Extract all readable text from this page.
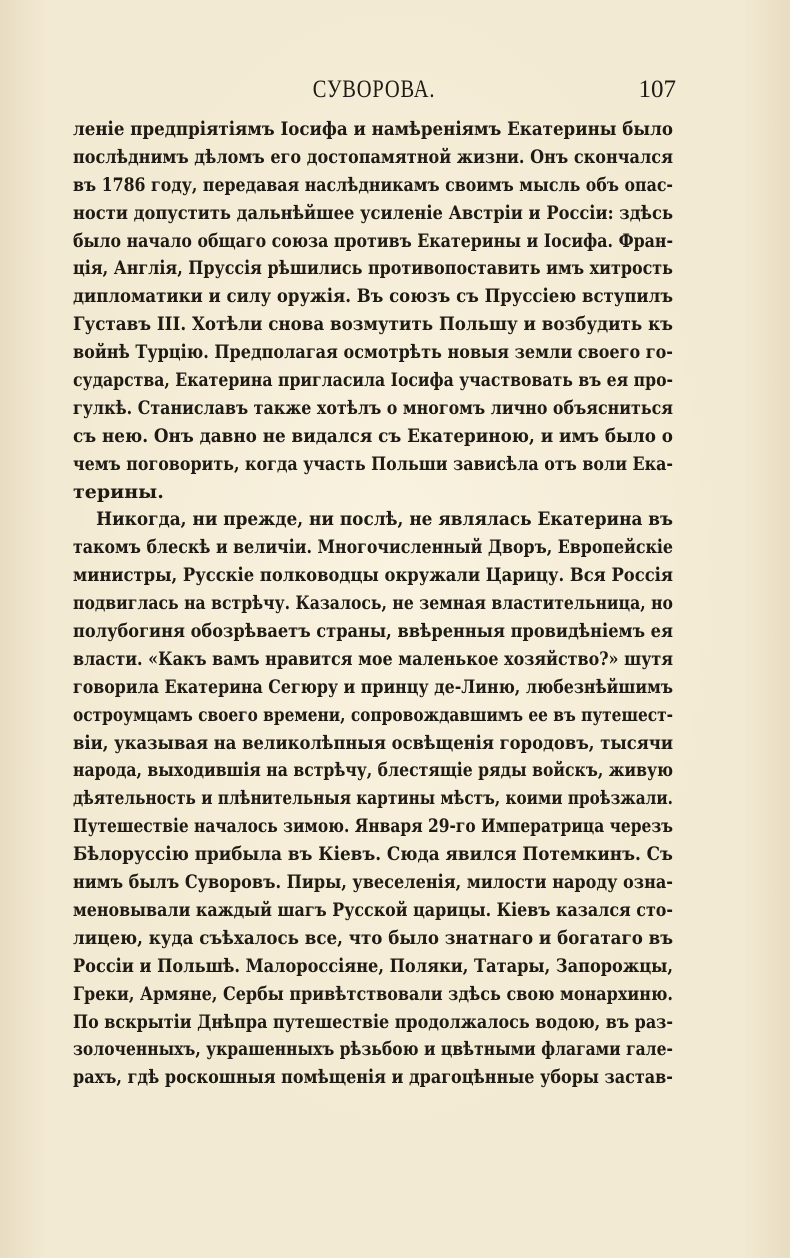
СУВОРОВА.	107
леніе предпріятіямъ Іосифа и намѣреніямъ Екатерины было
послѣднимъ дѣломъ его достопамятной жизни. Онъ скончался
въ 1786 году, передавая наслѣдникамъ своимъ мысль объ опас-
ности допустить дальнѣйшее усиленіе Австріи и Россіи: здѣсь
было начало общаго союза противъ Екатерины и Іосифа. Фран-
ція, Англія, Пруссія рѣшились противопоставить имъ хитрость
дипломатики и силу оружія. Въ союзъ съ Пруссіею вступилъ
Густавъ III. Хотѣли снова возмутить Польшу и возбудить къ
войнѣ Турцію. Предполагая осмотрѣть новыя земли своего го-
сударства, Екатерина пригласила Іосифа участвовать въ ея про-
гулкѣ. Станиславъ также хотѣлъ о многомъ лично объясниться
съ нею. Онъ давно не видался съ Екатериною, и имъ было о
чемъ поговорить, когда участь Польши зависѣла отъ воли Ека-
терины.
Никогда, ни прежде, ни послѣ, не являлась Екатерина въ
такомъ блескѣ и величіи. Многочисленный Дворъ, Европейскіе
министры, Русскіе полководцы окружали Царицу. Вся Россія
подвиглась на встрѣчу. Казалось, не земная властительница, но
полубогиня обозрѣваетъ страны, ввѣренныя провидѣніемъ ея
власти. «Какъ вамъ нравится мое маленькое хозяйство?» шутя
говорила Екатерина Сегюру и принцу де-Линю, любезнѣйшимъ
остроумцамъ своего времени, сопровождавшимъ ее въ путешест-
віи, указывая на великолѣпныя освѣщенія городовъ, тысячи
народа, выходившія на встрѣчу, блестящіе ряды войскъ, живую
дѣятельность и плѣнительныя картины мѣстъ, коими проѣзжали.
Путешествіе началось зимою. Января 29-го Императрица черезъ
Бѣлоруссію прибыла въ Кіевъ. Сюда явился Потемкинъ. Съ
нимъ былъ Суворовъ. Пиры, увеселенія, милости народу озна-
меновывали каждый шагъ Русской царицы. Кіевъ казался сто-
лицею, куда съѣхалось все, что было знатнаго и богатаго въ
Россіи и Польшѣ. Малороссіяне, Поляки, Татары, Запорожцы,
Греки, Армяне, Сербы привѣтствовали здѣсь свою монархиню.
По вскрытіи Днѣпра путешествіе продолжалось водою, въ раз-
золоченныхъ, украшенныхъ рѣзьбою и цвѣтными флагами гале-
рахъ, гдѣ роскошныя помѣщенія и драгоцѣнные уборы застав-
